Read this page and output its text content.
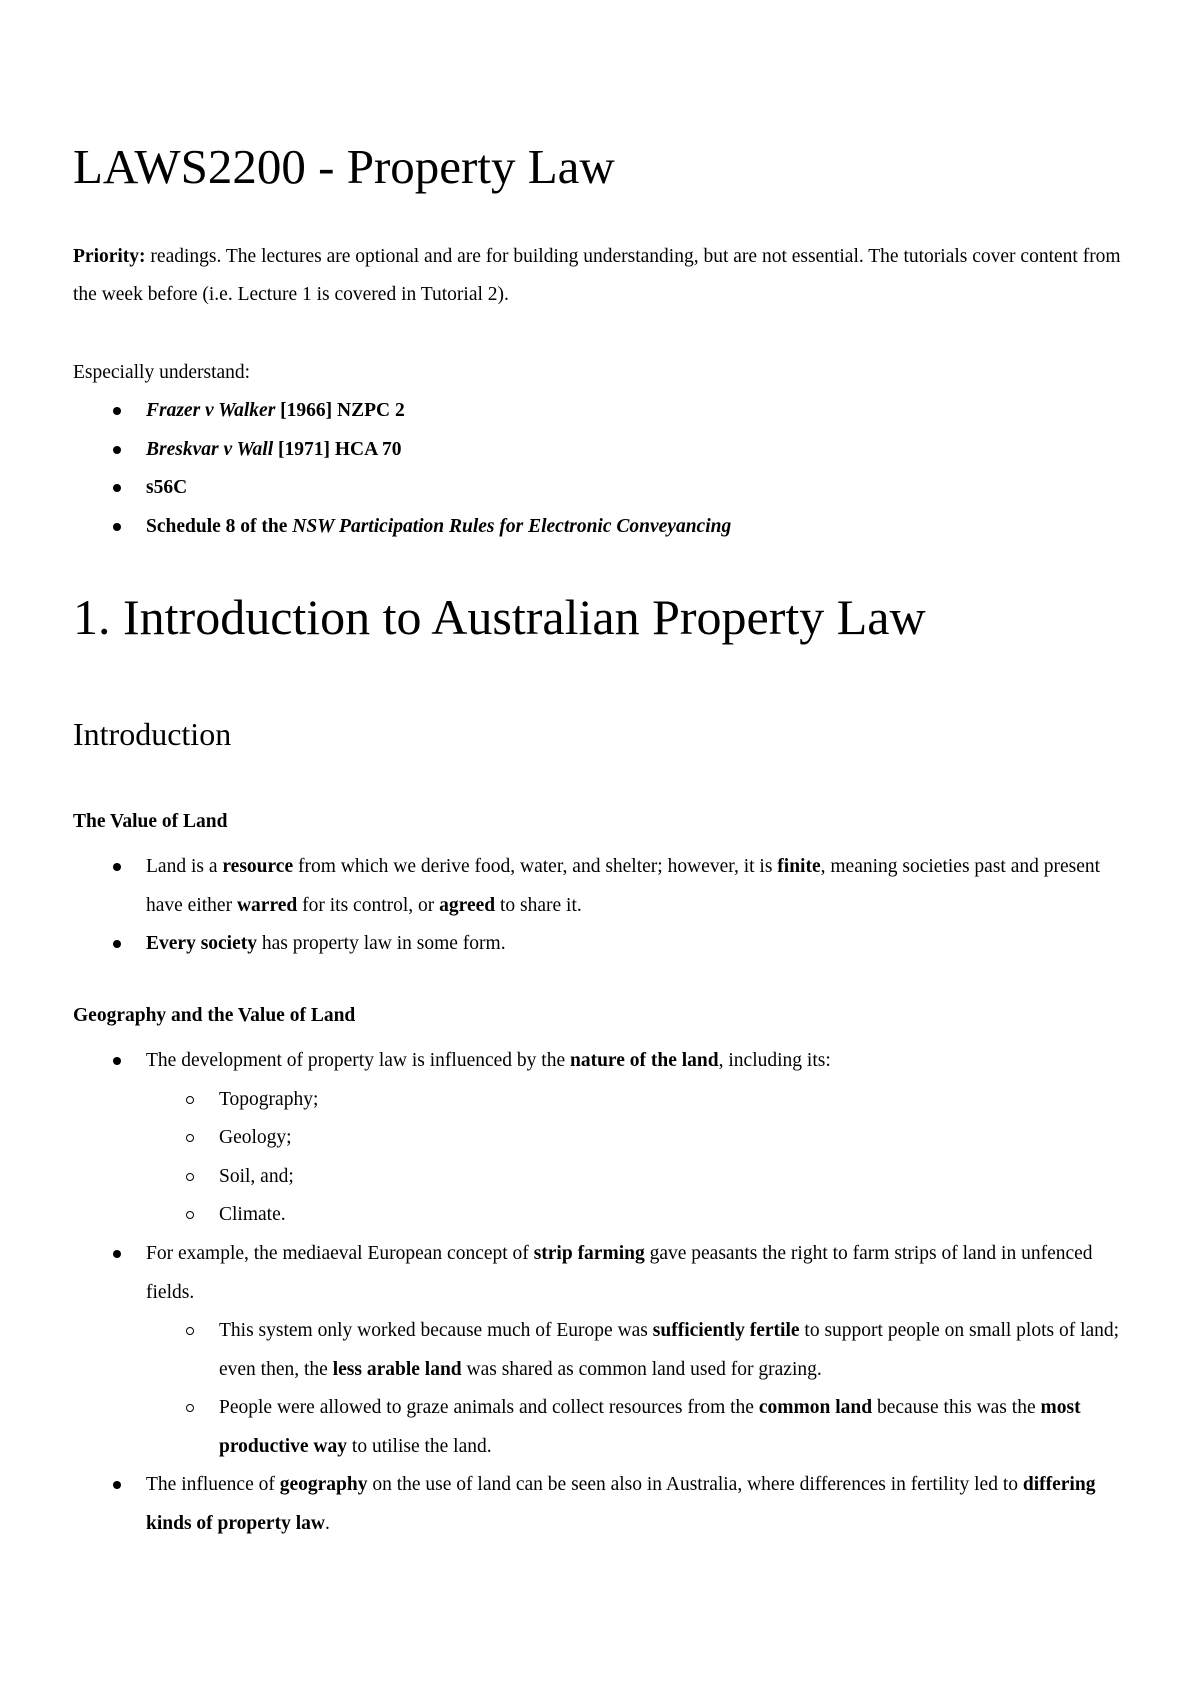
LAWS2200 - Property Law

Priority: readings. The lectures are optional and are for building understanding, but are not essential. The tutorials cover content from the week before (i.e. Lecture 1 is covered in Tutorial 2).

Especially understand:

Frazer v Walker [1966] NZPC 2

Breskvar v Wall [1971] HCA 70

s56C

Schedule 8 of the NSW Participation Rules for Electronic Conveyancing

1. Introduction to Australian Property Law
Introduction
The Value of Land

Land is a resource from which we derive food, water, and shelter; however, it is finite, meaning societies past and present have either warred for its control, or agreed to share it.

Every society has property law in some form.

Geography and the Value of Land

The development of property law is influenced by the nature of the land, including its:

Topography;

Geology;

Soil, and;

Climate.

For example, the mediaeval European concept of strip farming gave peasants the right to farm strips of land in unfenced fields.

This system only worked because much of Europe was sufficiently fertile to support people on small plots of land; even then, the less arable land was shared as common land used for grazing.

People were allowed to graze animals and collect resources from the common land because this was the most productive way to utilise the land.

The influence of geography on the use of land can be seen also in Australia, where differences in fertility led to differing kinds of property law.
